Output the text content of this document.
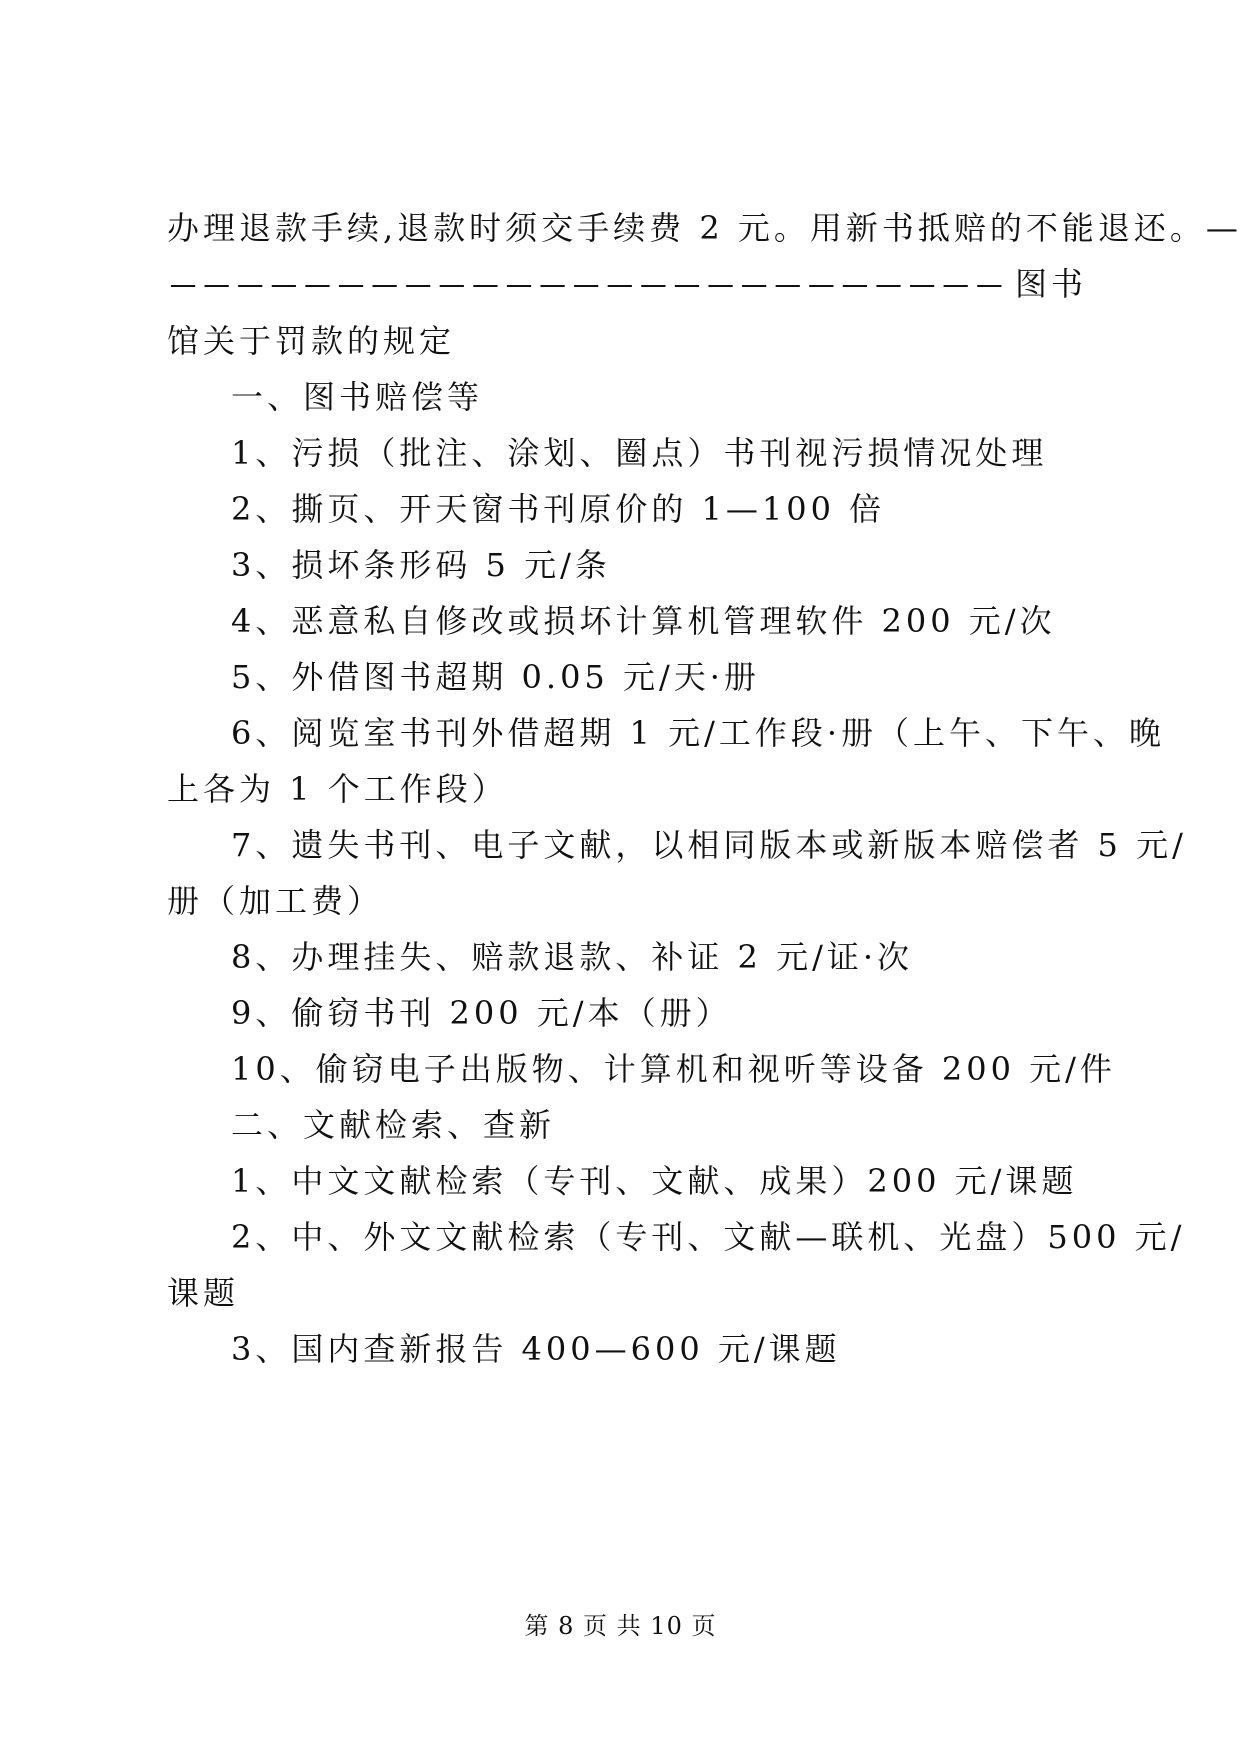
办理退款手续,退款时须交手续费 2 元。用新书抵赔的不能退还。—
图书
馆关于罚款的规定
一、图书赔偿等
1、污损（批注、涂划、圈点）书刊视污损情况处理
2、撕页、开天窗书刊原价的 1—100 倍
3、损坏条形码 5 元/条
4、恶意私自修改或损坏计算机管理软件 200 元/次
5、外借图书超期 0.05 元/天·册
6、阅览室书刊外借超期 1 元/工作段·册（上午、下午、晚
上各为 1 个工作段）
7、遗失书刊、电子文献，以相同版本或新版本赔偿者 5 元/
册（加工费）
8、办理挂失、赔款退款、补证 2 元/证·次
9、偷窃书刊 200 元/本（册）
10、偷窃电子出版物、计算机和视听等设备 200 元/件
二、文献检索、查新
1、中文文献检索（专刊、文献、成果）200 元/课题
2、中、外文文献检索（专刊、文献—联机、光盘）500 元/
课题
3、国内查新报告 400—600 元/课题
第 8 页 共 10 页
